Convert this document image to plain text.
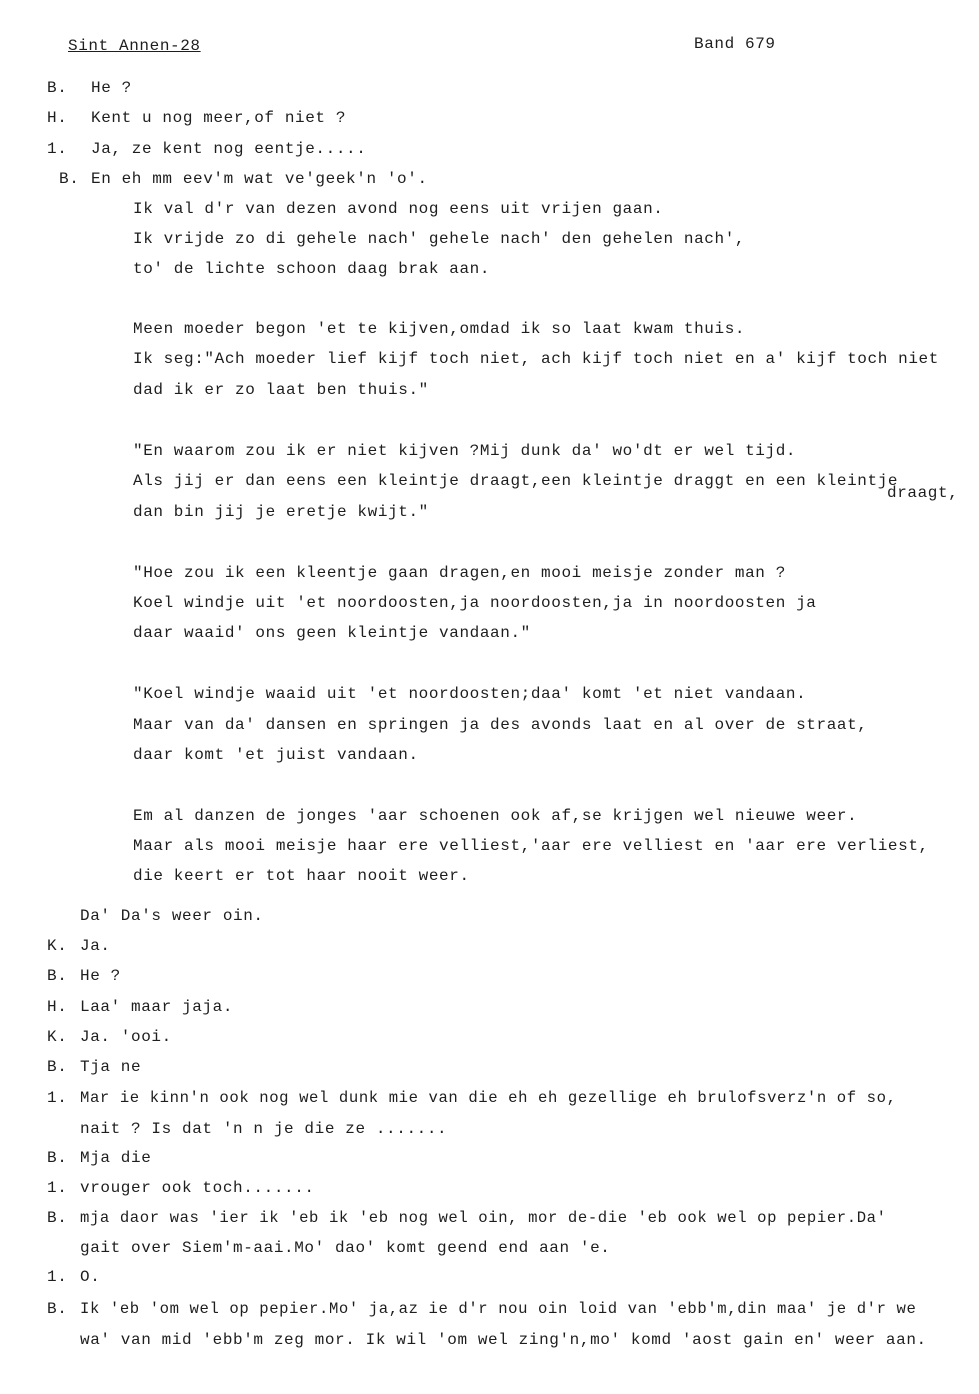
Sint Annen-28	Band 679
B. He ?
H. Kent u nog meer,of niet ?
1. Ja, ze kent nog eentje.....
B. En eh mm eev'm wat ve'geek'n 'o'.
Ik val d'r van dezen avond nog eens uit vrijen gaan.
Ik vrijde zo di gehele nach' gehele nach' den gehelen nach',
to' de lichte schoon daag brak aan.
Meen moeder begon 'et te kijven,omdad ik so laat kwam thuis.
Ik seg:"Ach moeder lief kijf toch niet, ach kijf toch niet en a' kijf toch niet
dad ik er zo laat ben thuis."
"En waarom zou ik er niet kijven ?Mij dunk da' wo'dt er wel tijd.
Als jij er dan eens een kleintje draagt,een kleintje draggt en een kleintje
draagt,
dan bin jij je eretje kwijt."
"Hoe zou ik een kleentje gaan dragen,en mooi meisje zonder man ?
Koel windje uit 'et noordoosten,ja noordoosten,ja in noordoosten ja
daar waaid' ons geen kleintje vandaan."
"Koel windje waaid uit 'et noordoosten;daa' komt 'et niet vandaan.
Maar van da' dansen en springen ja des avonds laat en al over de straat,
daar komt 'et juist vandaan.
Em al danzen de jonges 'aar schoenen ook af,se krijgen wel nieuwe weer.
Maar als mooi meisje haar ere velliest,'aar ere velliest en 'aar ere verliest,
die keert er tot haar nooit weer.
Da' Da's weer oin.
K. Ja.
B. He ?
H. Laa' maar jaja.
K. Ja. 'ooi.
B. Tja ne
1. Mar ie kinn'n ook nog wel dunk mie van die eh eh gezellige eh brulofsverz'n of so,
nait ? Is dat 'n n je die ze .......
B. Mja die
1. vrouger ook toch.......
B. mja daor was 'ier ik 'eb ik 'eb nog wel oin, mor de-die 'eb ook wel op pepier.Da'
gait over Siem'm-aai.Mo' dao' komt geend end aan 'e.
1. O.
B. Ik 'eb 'om wel op pepier.Mo' ja,az ie d'r nou oin loid van 'ebb'm,din maa' je d'r we
wa' van mid 'ebb'm zeg mor. Ik wil 'om wel zing'n,mo' komd 'aost gain en' weer aan.
